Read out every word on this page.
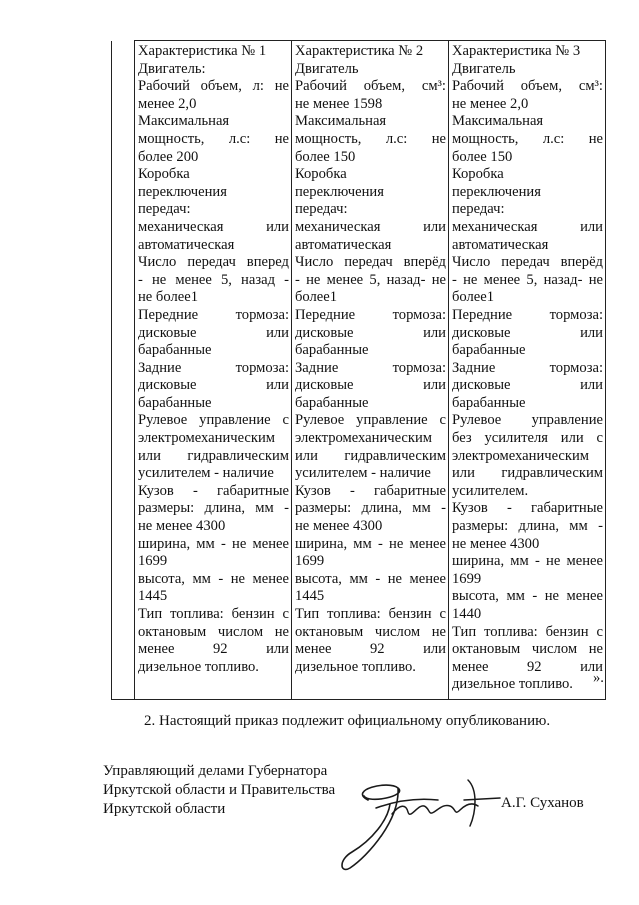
Характеристика № 1
Двигатель:
Рабочий объем, л: не
менее 2,0
Максимальная
мощность, л.с: не
более 200
Коробка
переключения
передач:
механическая	или
автоматическая
Число передач вперед
- не менее 5, назад -
не более1
Передние	тормоза:
дисковые	или
барабанные
Задние	тормоза:
дисковые	или
барабанные
Рулевое управление с
электромеханическим
или гидравлическим
усилителем - наличие
Кузов - габаритные
размеры: длина, мм -
не менее 4300
ширина, мм - не менее
1699
высота, мм - не менее
1445
Тип топлива: бензин с
октановым числом не
менее	92	или
дизельное топливо.

Характеристика № 2
Двигатель
Рабочий объем, см³:
не менее 1598
Максимальная
мощность, л.с: не
более 150
Коробка
переключения
передач:
механическая	или
автоматическая
Число передач вперёд
- не менее 5, назад- не
более1
Передние	тормоза:
дисковые	или
барабанные
Задние	тормоза:
дисковые	или
барабанные
Рулевое управление с
электромеханическим
или гидравлическим
усилителем - наличие
Кузов - габаритные
размеры: длина, мм -
не менее 4300
ширина, мм - не менее
1699
высота, мм - не менее
1445
Тип топлива: бензин с
октановым числом не
менее	92	или
дизельное топливо.

Характеристика № 3
Двигатель
Рабочий объем, см³:
не менее 2,0
Максимальная
мощность, л.с: не
более 150
Коробка
переключения
передач:
механическая	или
автоматическая
Число передач вперёд
- не менее 5, назад- не
более1
Передние	тормоза:
дисковые	или
барабанные
Задние	тормоза:
дисковые	или
барабанные
Рулевое управление
без усилителя или с
электромеханическим
или гидравлическим
усилителем.
Кузов - габаритные
размеры: длина, мм -
не менее 4300
ширина, мм - не менее
1699
высота, мм - не менее
1440
Тип топлива: бензин с
октановым числом не
менее	92	или
дизельное топливо.	».
2. Настоящий приказ подлежит официальному опубликованию.
Управляющий делами Губернатора
Иркутской области и Правительства
Иркутской области	А.Г. Суханов
